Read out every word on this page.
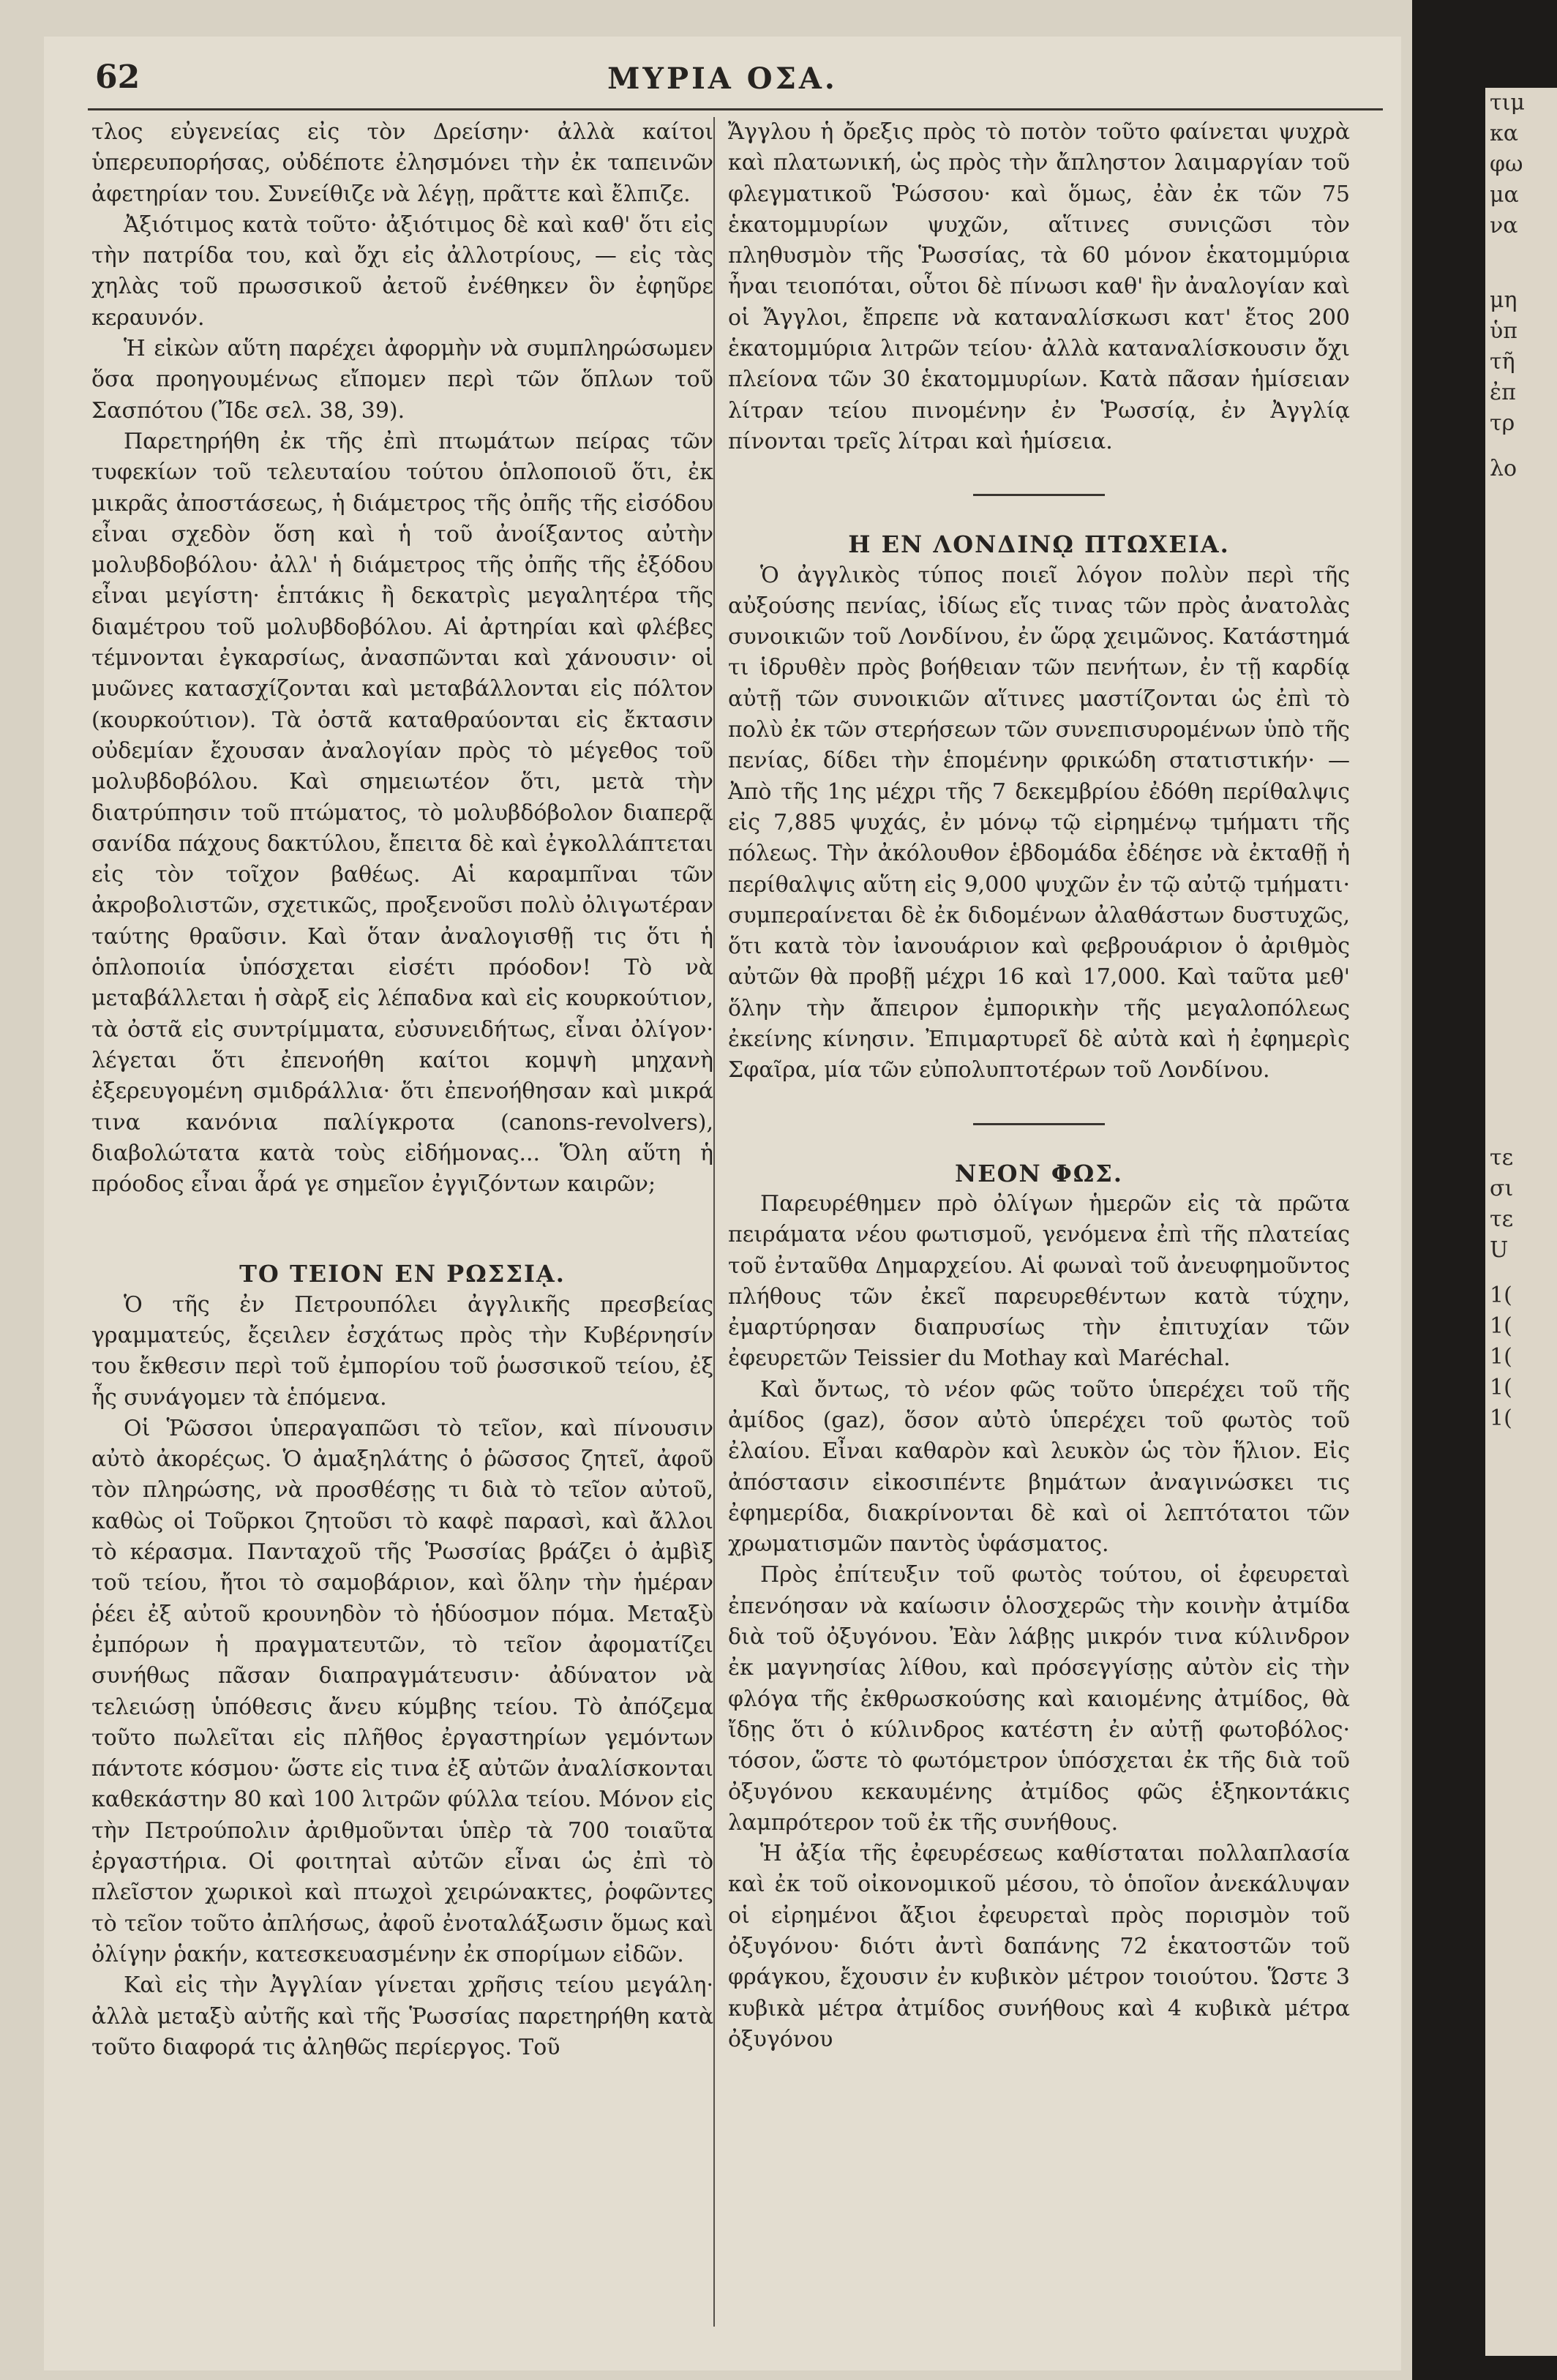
62	ΜΥΡΙΑ ΟΣΑ.

τλος εὐγενείας εἰς τὸν Δρείσην· ἀλλὰ καίτοι ὑπερευπορήσας, οὐδέποτε ἐλησμόνει τὴν ἐκ ταπεινῶν ἀφετηρίαν του. Συνείθιζε νὰ λέγῃ, πρᾶττε καὶ ἔλπιζε.

Ἀξιότιμος κατὰ τοῦτο· ἀξιότιμος δὲ καὶ καθ' ὅτι εἰς τὴν πατρίδα του, καὶ ὄχι εἰς ἀλλοτρίους, — εἰς τὰς χηλὰς τοῦ πρωσσικοῦ ἀετοῦ ἐνέθηκεν ὃν ἐφηῦρε κεραυνόν.

Ἡ εἰκὼν αὕτη παρέχει ἀφορμὴν νὰ συμπληρώσωμεν ὅσα προηγουμένως εἴπομεν περὶ τῶν ὅπλων τοῦ Σασπότου (Ἴδε σελ. 38, 39).

Παρετηρήθη ἐκ τῆς ἐπὶ πτωμάτων πείρας τῶν τυφεκίων τοῦ τελευταίου τούτου ὁπλοποιοῦ ὅτι, ἐκ μικρᾶς ἀποστάσεως, ἡ διάμετρος τῆς ὀπῆς τῆς εἰσόδου εἶναι σχεδὸν ὅση καὶ ἡ τοῦ ἀνοίξαντος αὐτὴν μολυβδοβόλου· ἀλλ' ἡ διάμετρος τῆς ὀπῆς τῆς ἐξόδου εἶναι μεγίστη· ἑπτάκις ἢ δεκατρὶς μεγαλητέρα τῆς διαμέτρου τοῦ μολυβδοβόλου. Αἱ ἀρτηρίαι καὶ φλέβες τέμνονται ἐγκαρσίως, ἀνασπῶνται καὶ χάνουσιν· οἱ μυῶνες κατασχίζονται καὶ μεταβάλλονται εἰς πόλτον (κουρκούτιον). Τὰ ὀστᾶ καταθραύονται εἰς ἔκτασιν οὐδεμίαν ἔχουσαν ἀναλογίαν πρὸς τὸ μέγεθος τοῦ μολυβδοβόλου. Καὶ σημειωτέον ὅτι, μετὰ τὴν διατρύπησιν τοῦ πτώματος, τὸ μολυβδόβολον διαπερᾷ σανίδα πάχους δακτύλου, ἔπειτα δὲ καὶ ἐγκολλάπτεται εἰς τὸν τοῖχον βαθέως. Αἱ καραμπῖναι τῶν ἀκροβολιστῶν, σχετικῶς, προξενοῦσι πολὺ ὀλιγωτέραν ταύτης θραῦσιν. Καὶ ὅταν ἀναλογισθῇ τις ὅτι ἡ ὁπλοποιία ὑπόσχεται εἰσέτι πρόοδον! Τὸ νὰ μεταβάλλεται ἡ σὰρξ εἰς λέπαδνα καὶ εἰς κουρκούτιον, τὰ ὀστᾶ εἰς συντρίμματα, εὐσυνειδήτως, εἶναι ὀλίγον· λέγεται ὅτι ἐπενοήθη καίτοι κομψὴ μηχανὴ ἐξερευγομένη σμιδράλλια· ὅτι ἐπενοήθησαν καὶ μικρά τινα κανόνια παλίγκροτα (canons-revolvers), διαβολώτατα κατὰ τοὺς εἰδήμονας... Ὅλη αὕτη ἡ πρόοδος εἶναι ἆρά γε σημεῖον ἐγγιζόντων καιρῶν;

ΤΟ ΤΕΙΟΝ ΕΝ ΡΩΣΣΙᾼ.

Ὁ τῆς ἐν Πετρουπόλει ἀγγλικῆς πρεσβείας γραμματεύς, ἔςειλεν ἐσχάτως πρὸς τὴν Κυβέρνησίν του ἔκθεσιν περὶ τοῦ ἐμπορίου τοῦ ῥωσσικοῦ τείου, ἐξ ἧς συνάγομεν τὰ ἑπόμενα.

Οἱ Ῥῶσσοι ὑπεραγαπῶσι τὸ τεῖον, καὶ πίνουσιν αὐτὸ ἀκορέςως. Ὁ ἀμαξηλάτης ὁ ῥῶσσος ζητεῖ, ἀφοῦ τὸν πληρώσης, νὰ προσθέσῃς τι διὰ τὸ τεῖον αὐτοῦ, καθὼς οἱ Τοῦρκοι ζητοῦσι τὸ καφὲ παρασὶ, καὶ ἄλλοι τὸ κέρασμα. Πανταχοῦ τῆς Ῥωσσίας βράζει ὁ ἀμβὶξ τοῦ τείου, ἤτοι τὸ σαμοβάριον, καὶ ὅλην τὴν ἡμέραν ῥέει ἐξ αὐτοῦ κρουνηδὸν τὸ ἡδύοσμον πόμα. Μεταξὺ ἐμπόρων ἡ πραγματευτῶν, τὸ τεῖον ἀφοματίζει συνήθως πᾶσαν διαπραγμάτευσιν· ἀδύνατον νὰ τελειώσῃ ὑπόθεσις ἄνευ κύμβης τείου. Τὸ ἀπόζεμα τοῦτο πωλεῖται εἰς πλῆθος ἐργαστηρίων γεμόντων πάντοτε κόσμου· ὥστε εἰς τινα ἐξ αὐτῶν ἀναλίσκονται καθεκάστην 80 καὶ 100 λιτρῶν φύλλα τείου. Μόνον εἰς τὴν Πετρούπολιν ἀριθμοῦνται ὑπὲρ τὰ 700 τοιαῦτα ἐργαστήρια. Οἱ φοιτητaὶ αὐτῶν εἶναι ὡς ἐπὶ τὸ πλεῖστον χωρικοὶ καὶ πτωχοὶ χειρώνακτες, ῥοφῶντες τὸ τεῖον τοῦτο ἀπλήσως, ἀφοῦ ἐνοταλάξωσιν ὅμως καὶ ὀλίγην ῥακήν, κατεσκευασμένην ἐκ σπορίμων εἰδῶν.

Καὶ εἰς τὴν Ἀγγλίαν γίνεται χρῆσις τείου μεγάλη· ἀλλὰ μεταξὺ αὐτῆς καὶ τῆς Ῥωσσίας παρετηρήθη κατὰ τοῦτο διαφορά τις ἀληθῶς περίεργος. Τοῦ

Ἄγγλου ἡ ὄρεξις πρὸς τὸ ποτὸν τοῦτο φαίνεται ψυχρὰ καὶ πλατωνική, ὡς πρὸς τὴν ἄπληστον λαιμαργίαν τοῦ φλεγματικοῦ Ῥώσσου· καὶ ὅμως, ἐὰν ἐκ τῶν 75 ἑκατομμυρίων ψυχῶν, αἵτινες συνιςῶσι τὸν πληθυσμὸν τῆς Ῥωσσίας, τὰ 60 μόνον ἑκατομμύρια ἦναι τειοπόται, οὗτοι δὲ πίνωσι καθ' ἣν ἀναλογίαν καὶ οἱ Ἄγγλοι, ἔπρεπε νὰ καταναλίσκωσι κατ' ἔτος 200 ἑκατομμύρια λιτρῶν τείου· ἀλλὰ καταναλίσκουσιν ὄχι πλείονα τῶν 30 ἑκατομμυρίων. Κατὰ πᾶσαν ἡμίσειαν λίτραν τείου πινομένην ἐν Ῥωσσίᾳ, ἐν Ἀγγλίᾳ πίνονται τρεῖς λίτραι καὶ ἡμίσεια.

Η ΕΝ ΛΟΝΔΙΝῼ ΠΤΩΧΕΙΑ.

Ὁ ἀγγλικὸς τύπος ποιεῖ λόγον πολὺν περὶ τῆς αὐξούσης πενίας, ἰδίως εἴς τινας τῶν πρὸς ἀνατολὰς συνοικιῶν τοῦ Λονδίνου, ἐν ὥρᾳ χειμῶνος. Κατάστημά τι ἱδρυθὲν πρὸς βοήθειαν τῶν πενήτων, ἐν τῇ καρδίᾳ αὐτῇ τῶν συνοικιῶν αἵτινες μαστίζονται ὡς ἐπὶ τὸ πολὺ ἐκ τῶν στερήσεων τῶν συνεπισυρομένων ὑπὸ τῆς πενίας, δίδει τὴν ἑπομένην φρικώδη στατιστικήν· — Ἀπὸ τῆς 1ης μέχρι τῆς 7 δεκεμβρίου ἐδόθη περίθαλψις εἰς 7,885 ψυχάς, ἐν μόνῳ τῷ εἰρημένῳ τμήματι τῆς πόλεως. Τὴν ἀκόλουθον ἑβδομάδα ἐδέησε νὰ ἐκταθῇ ἡ περίθαλψις αὕτη εἰς 9,000 ψυχῶν ἐν τῷ αὐτῷ τμήματι· συμπεραίνεται δὲ ἐκ διδομένων ἀλαθάστων δυστυχῶς, ὅτι κατὰ τὸν ἰανουάριον καὶ φεβρουάριον ὁ ἀριθμὸς αὐτῶν θὰ προβῇ μέχρι 16 καὶ 17,000. Καὶ ταῦτα μεθ' ὅλην τὴν ἄπειρον ἐμπορικὴν τῆς μεγαλοπόλεως ἐκείνης κίνησιν. Ἐπιμαρτυρεῖ δὲ αὐτὰ καὶ ἡ ἐφημερὶς Σφαῖρα, μία τῶν εὐπολυπτοτέρων τοῦ Λονδίνου.

ΝΕΟΝ ΦΩΣ.

Παρευρέθημεν πρὸ ὀλίγων ἡμερῶν εἰς τὰ πρῶτα πειράματα νέου φωτισμοῦ, γενόμενα ἐπὶ τῆς πλατείας τοῦ ἐνταῦθα Δημαρχείου. Αἱ φωναὶ τοῦ ἀνευφημοῦντος πλήθους τῶν ἐκεῖ παρευρεθέντων κατὰ τύχην, ἐμαρτύρησαν διαπρυσίως τὴν ἐπιτυχίαν τῶν ἐφευρετῶν Teissier du Mothay καὶ Maréchal.

Καὶ ὄντως, τὸ νέον φῶς τοῦτο ὑπερέχει τοῦ τῆς ἀμίδος (gaz), ὅσον αὐτὸ ὑπερέχει τοῦ φωτὸς τοῦ ἐλαίου. Εἶναι καθαρὸν καὶ λευκὸν ὡς τὸν ἥλιον. Εἰς ἀπόστασιν εἰκοσιπέντε βημάτων ἀναγινώσκει τις ἐφημερίδα, διακρίνονται δὲ καὶ οἱ λεπτότατοι τῶν χρωματισμῶν παντὸς ὑφάσματος.

Πρὸς ἐπίτευξιν τοῦ φωτὸς τούτου, οἱ ἐφευρεταὶ ἐπενόησαν νὰ καίωσιν ὁλοσχερῶς τὴν κοινὴν ἀτμίδα διὰ τοῦ ὀξυγόνου. Ἐὰν λάβῃς μικρόν τινα κύλινδρον ἐκ μαγνησίας λίθου, καὶ πρόσεγγίσῃς αὐτὸν εἰς τὴν φλόγα τῆς ἐκθρωσκούσης καὶ καιομένης ἀτμίδος, θὰ ἴδῃς ὅτι ὁ κύλινδρος κατέστη ἐν αὐτῇ φωτοβόλος· τόσον, ὥστε τὸ φωτόμετρον ὑπόσχεται ἐκ τῆς διὰ τοῦ ὀξυγόνου κεκαυμένης ἀτμίδος φῶς ἑξηκοντάκις λαμπρότερον τοῦ ἐκ τῆς συνήθους.

Ἡ ἀξία τῆς ἐφευρέσεως καθίσταται πολλαπλασία καὶ ἐκ τοῦ οἰκονομικοῦ μέσου, τὸ ὁποῖον ἀνεκάλυψαν οἱ εἰρημένοι ἄξιοι ἐφευρεταὶ πρὸς πορισμὸν τοῦ ὀξυγόνου· διότι ἀντὶ δαπάνης 72 ἑκατοστῶν τοῦ φράγκου, ἔχουσιν ἐν κυβικὸν μέτρον τοιούτου. Ὥστε 3 κυβικὰ μέτρα ἀτμίδος συνήθους καὶ 4 κυβικὰ μέτρα ὀξυγόνου

τιμ
κα
φω
μα
να
μη
ὑπ
τῆ
ἐπ
τρ
λο
τε
σι
τε
U
1(
1(
1(
1(
1(
